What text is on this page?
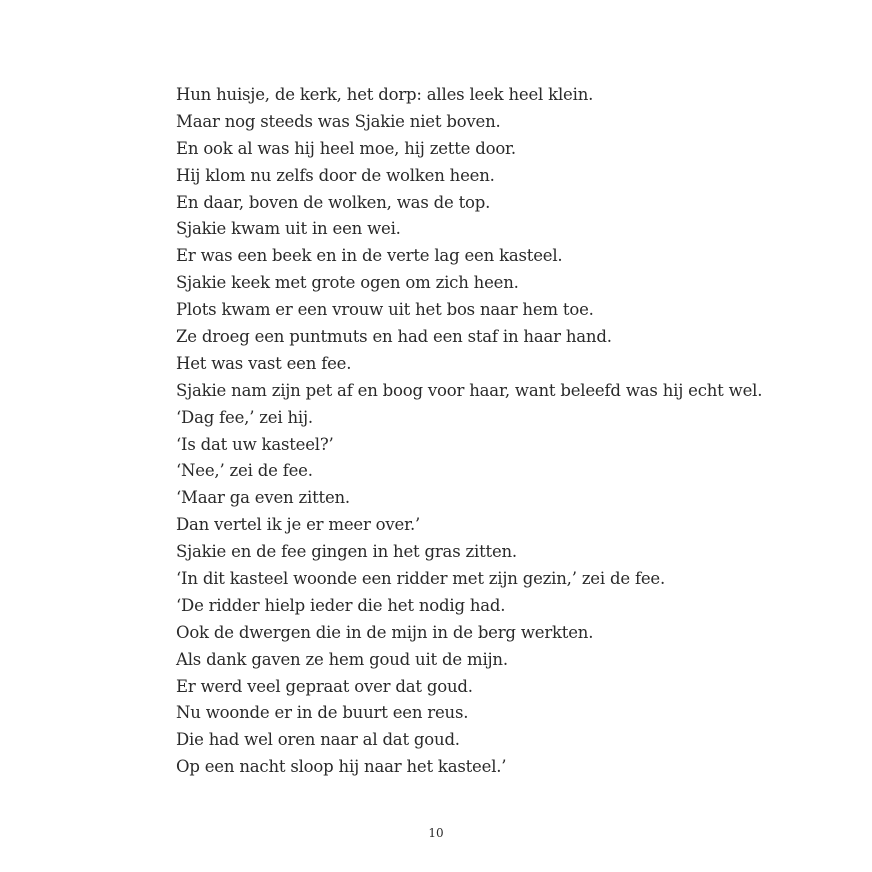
Hun huisje, de kerk, het dorp: alles leek heel klein.
Maar nog steeds was Sjakie niet boven.
En ook al was hij heel moe, hij zette door.
Hij klom nu zelfs door de wolken heen.
En daar, boven de wolken, was de top.
Sjakie kwam uit in een wei.
Er was een beek en in de verte lag een kasteel.
Sjakie keek met grote ogen om zich heen.
Plots kwam er een vrouw uit het bos naar hem toe.
Ze droeg een puntmuts en had een staf in haar hand.
Het was vast een fee.
Sjakie nam zijn pet af en boog voor haar, want beleefd was hij echt wel.
‘Dag fee,’ zei hij.
‘Is dat uw kasteel?’
‘Nee,’ zei de fee.
‘Maar ga even zitten.
Dan vertel ik je er meer over.’
Sjakie en de fee gingen in het gras zitten.
‘In dit kasteel woonde een ridder met zijn gezin,’ zei de fee.
‘De ridder hielp ieder die het nodig had.
Ook de dwergen die in de mijn in de berg werkten.
Als dank gaven ze hem goud uit de mijn.
Er werd veel gepraat over dat goud.
Nu woonde er in de buurt een reus.
Die had wel oren naar al dat goud.
Op een nacht sloop hij naar het kasteel.’
10
